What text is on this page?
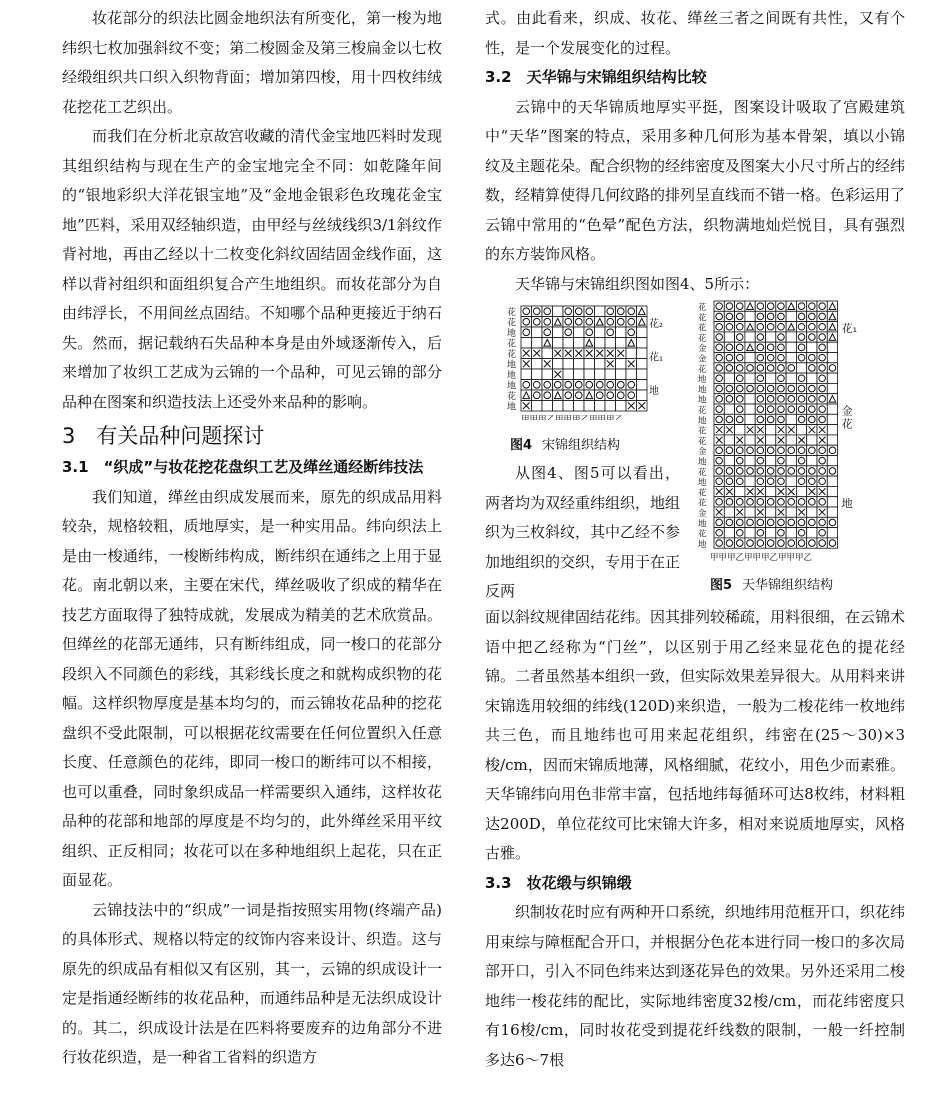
妆花部分的织法比圆金地织法有所变化，第一梭为地纬织七枚加强斜纹不变；第二梭圆金及第三梭扁金以七枚经缎组织共口织入织物背面；增加第四梭，用十四枚纬绒花挖花工艺织出。

而我们在分析北京故宫收藏的清代金宝地匹料时发现其组织结构与现在生产的金宝地完全不同：如乾隆年间的“银地彩织大洋花银宝地”及“金地金银彩色玫瑰花金宝地”匹料，采用双经轴织造，由甲经与丝绒线织3/1斜纹作背衬地，再由乙经以十二枚变化斜纹固结固金线作面，这样以背衬组织和面组织复合产生地组织。而妆花部分为自由纬浮长，不用间丝点固结。不知哪个品种更接近于纳石失。然而，据记载纳石失品种本身是由外域逐渐传入，后来增加了妆织工艺成为云锦的一个品种，可见云锦的部分品种在图案和织造技法上还受外来品种的影响。

3　有关品种问题探讨
3.1　“织成”与妆花挖花盘织工艺及缂丝通经断纬技法

我们知道，缂丝由织成发展而来，原先的织成品用料较杂，规格较粗，质地厚实，是一种实用品。纬向织法上是由一梭通纬，一梭断纬构成，断纬织在通纬之上用于显花。南北朝以来，主要在宋代，缂丝吸收了织成的精华在技艺方面取得了独特成就，发展成为精美的艺术欣赏品。但缂丝的花部无通纬，只有断纬组成，同一梭口的花部分段织入不同颜色的彩线，其彩线长度之和就构成织物的花幅。这样织物厚度是基本均匀的，而云锦妆花品种的挖花盘织不受此限制，可以根据花纹需要在任何位置织入任意长度、任意颜色的花纬，即同一梭口的断纬可以不相接，也可以重叠，同时象织成品一样需要织入通纬，这样妆花品种的花部和地部的厚度是不均匀的，此外缂丝采用平纹组织、正反相同；妆花可以在多种地组织上起花，只在正面显花。

云锦技法中的“织成”一词是指按照实用物(终端产品)的具体形式、规格以特定的纹饰内容来设计、织造。这与原先的织成品有相似又有区别，其一，云锦的织成设计一定是指通经断纬的妆花品种，而通纬品种是无法织成设计的。其二，织成设计法是在匹料将要废弃的边角部分不进行妆花织造，是一种省工省料的织造方

式。由此看来，织成、妆花、缂丝三者之间既有共性，又有个性，是一个发展变化的过程。

3.2　天华锦与宋锦组织结构比较

云锦中的天华锦质地厚实平挺，图案设计吸取了宫殿建筑中“天华”图案的特点，采用多种几何形为基本骨架，填以小锦纹及主题花朵。配合织物的经纬密度及图案大小尺寸所占的经纬数，经精算使得几何纹路的排列呈直线而不错一格。色彩运用了云锦中常用的“色晕”配色方法，织物满地灿烂悦目，具有强烈的东方装饰风格。

天华锦与宋锦组织图如图4、5所示：

花
花
地
花
花
地
地
地
花
地
花₂
花₁
地
甲甲甲乙甲甲甲乙甲甲甲乙
图4 宋锦组织结构
花
花
花
花
金
金
花
地
地
地
花
地
花
花
金
地
花
地
花
花
金
地
花
地
花₁
金
花
地
甲甲甲乙甲甲甲乙甲甲甲乙
图5 天华锦组织结构

从图4、图5可以看出，两者均为双经重纬组织，地组织为三枚斜纹，其中乙经不参加地组织的交织，专用于在正反两

面以斜纹规律固结花纬。因其排列较稀疏，用料很细，在云锦术语中把乙经称为“门丝”，以区别于用乙经来显花色的提花经锦。二者虽然基本组织一致，但实际效果差异很大。从用料来讲宋锦选用较细的纬线(120D)来织造，一般为二梭花纬一枚地纬共三色，而且地纬也可用来起花组织，纬密在(25～30)×3梭/cm，因而宋锦质地薄，风格细腻，花纹小，用色少而素雅。天华锦纬向用色非常丰富，包括地纬每循环可达8枚纬，材料粗达200D，单位花纹可比宋锦大许多，相对来说质地厚实，风格古雅。

3.3　妆花缎与织锦缎

织制妆花时应有两种开口系统，织地纬用范框开口，织花纬用束综与障框配合开口，并根据分色花本进行同一梭口的多次局部开口，引入不同色纬来达到逐花异色的效果。另外还采用二梭地纬一梭花纬的配比，实际地纬密度32梭/cm，而花纬密度只有16梭/cm，同时妆花受到提花纤线数的限制，一般一纤控制多达6～7根
